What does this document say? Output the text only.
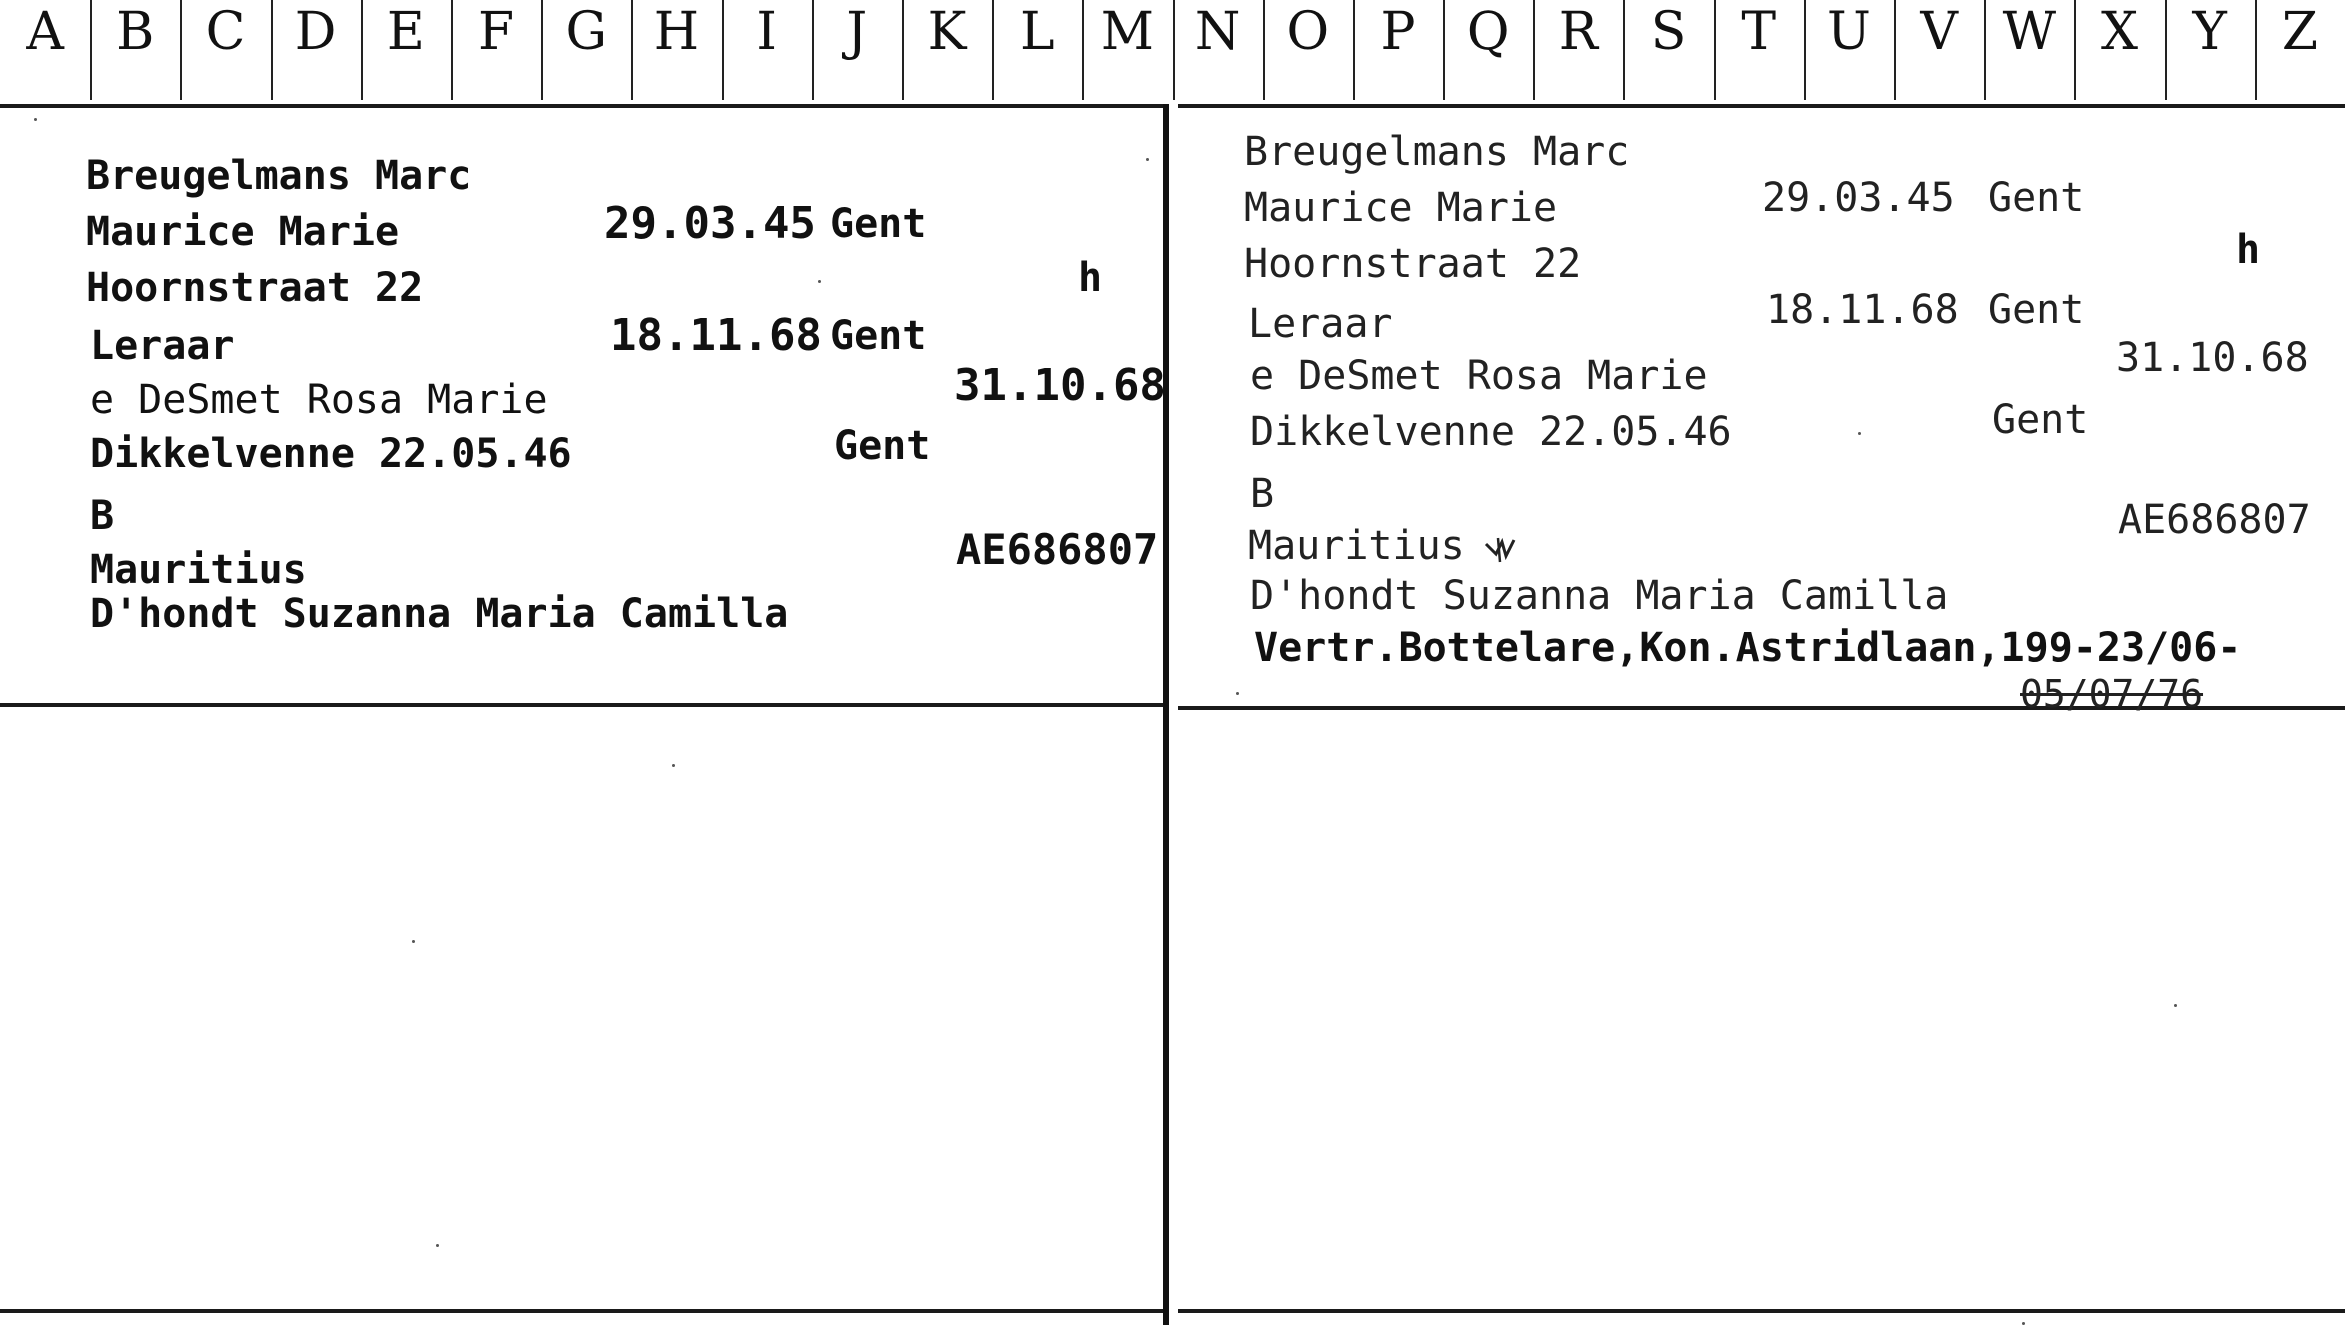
A	B C D E	F G H	I	J	K	L M N O P Q R	S	T U V W X	Y	Z
Breugelmans Marc
Maurice Marie	29.03.45 Gent
Hoornstraat 22	h
Leraar	18.11.68 Gent
e DeSmet Rosa Marie	31.10.68
Dikkelvenne 22.05.46	Gent
B
Mauritius	AE686807
D'hondt Suzanna Maria Camilla
Breugelmans Marc
Maurice Marie	29.03.45 Gent
Hoornstraat 22	h
Leraar	18.11.68 Gent
e DeSmet Rosa Marie	31.10.68
Dikkelvenne 22.05.46	Gent
B
Mauritius
AE686807
D'hondt Suzanna Maria Camilla
Vertr.Bottelare,Kon.Astridlaan,199-23/06-
05/07/76
